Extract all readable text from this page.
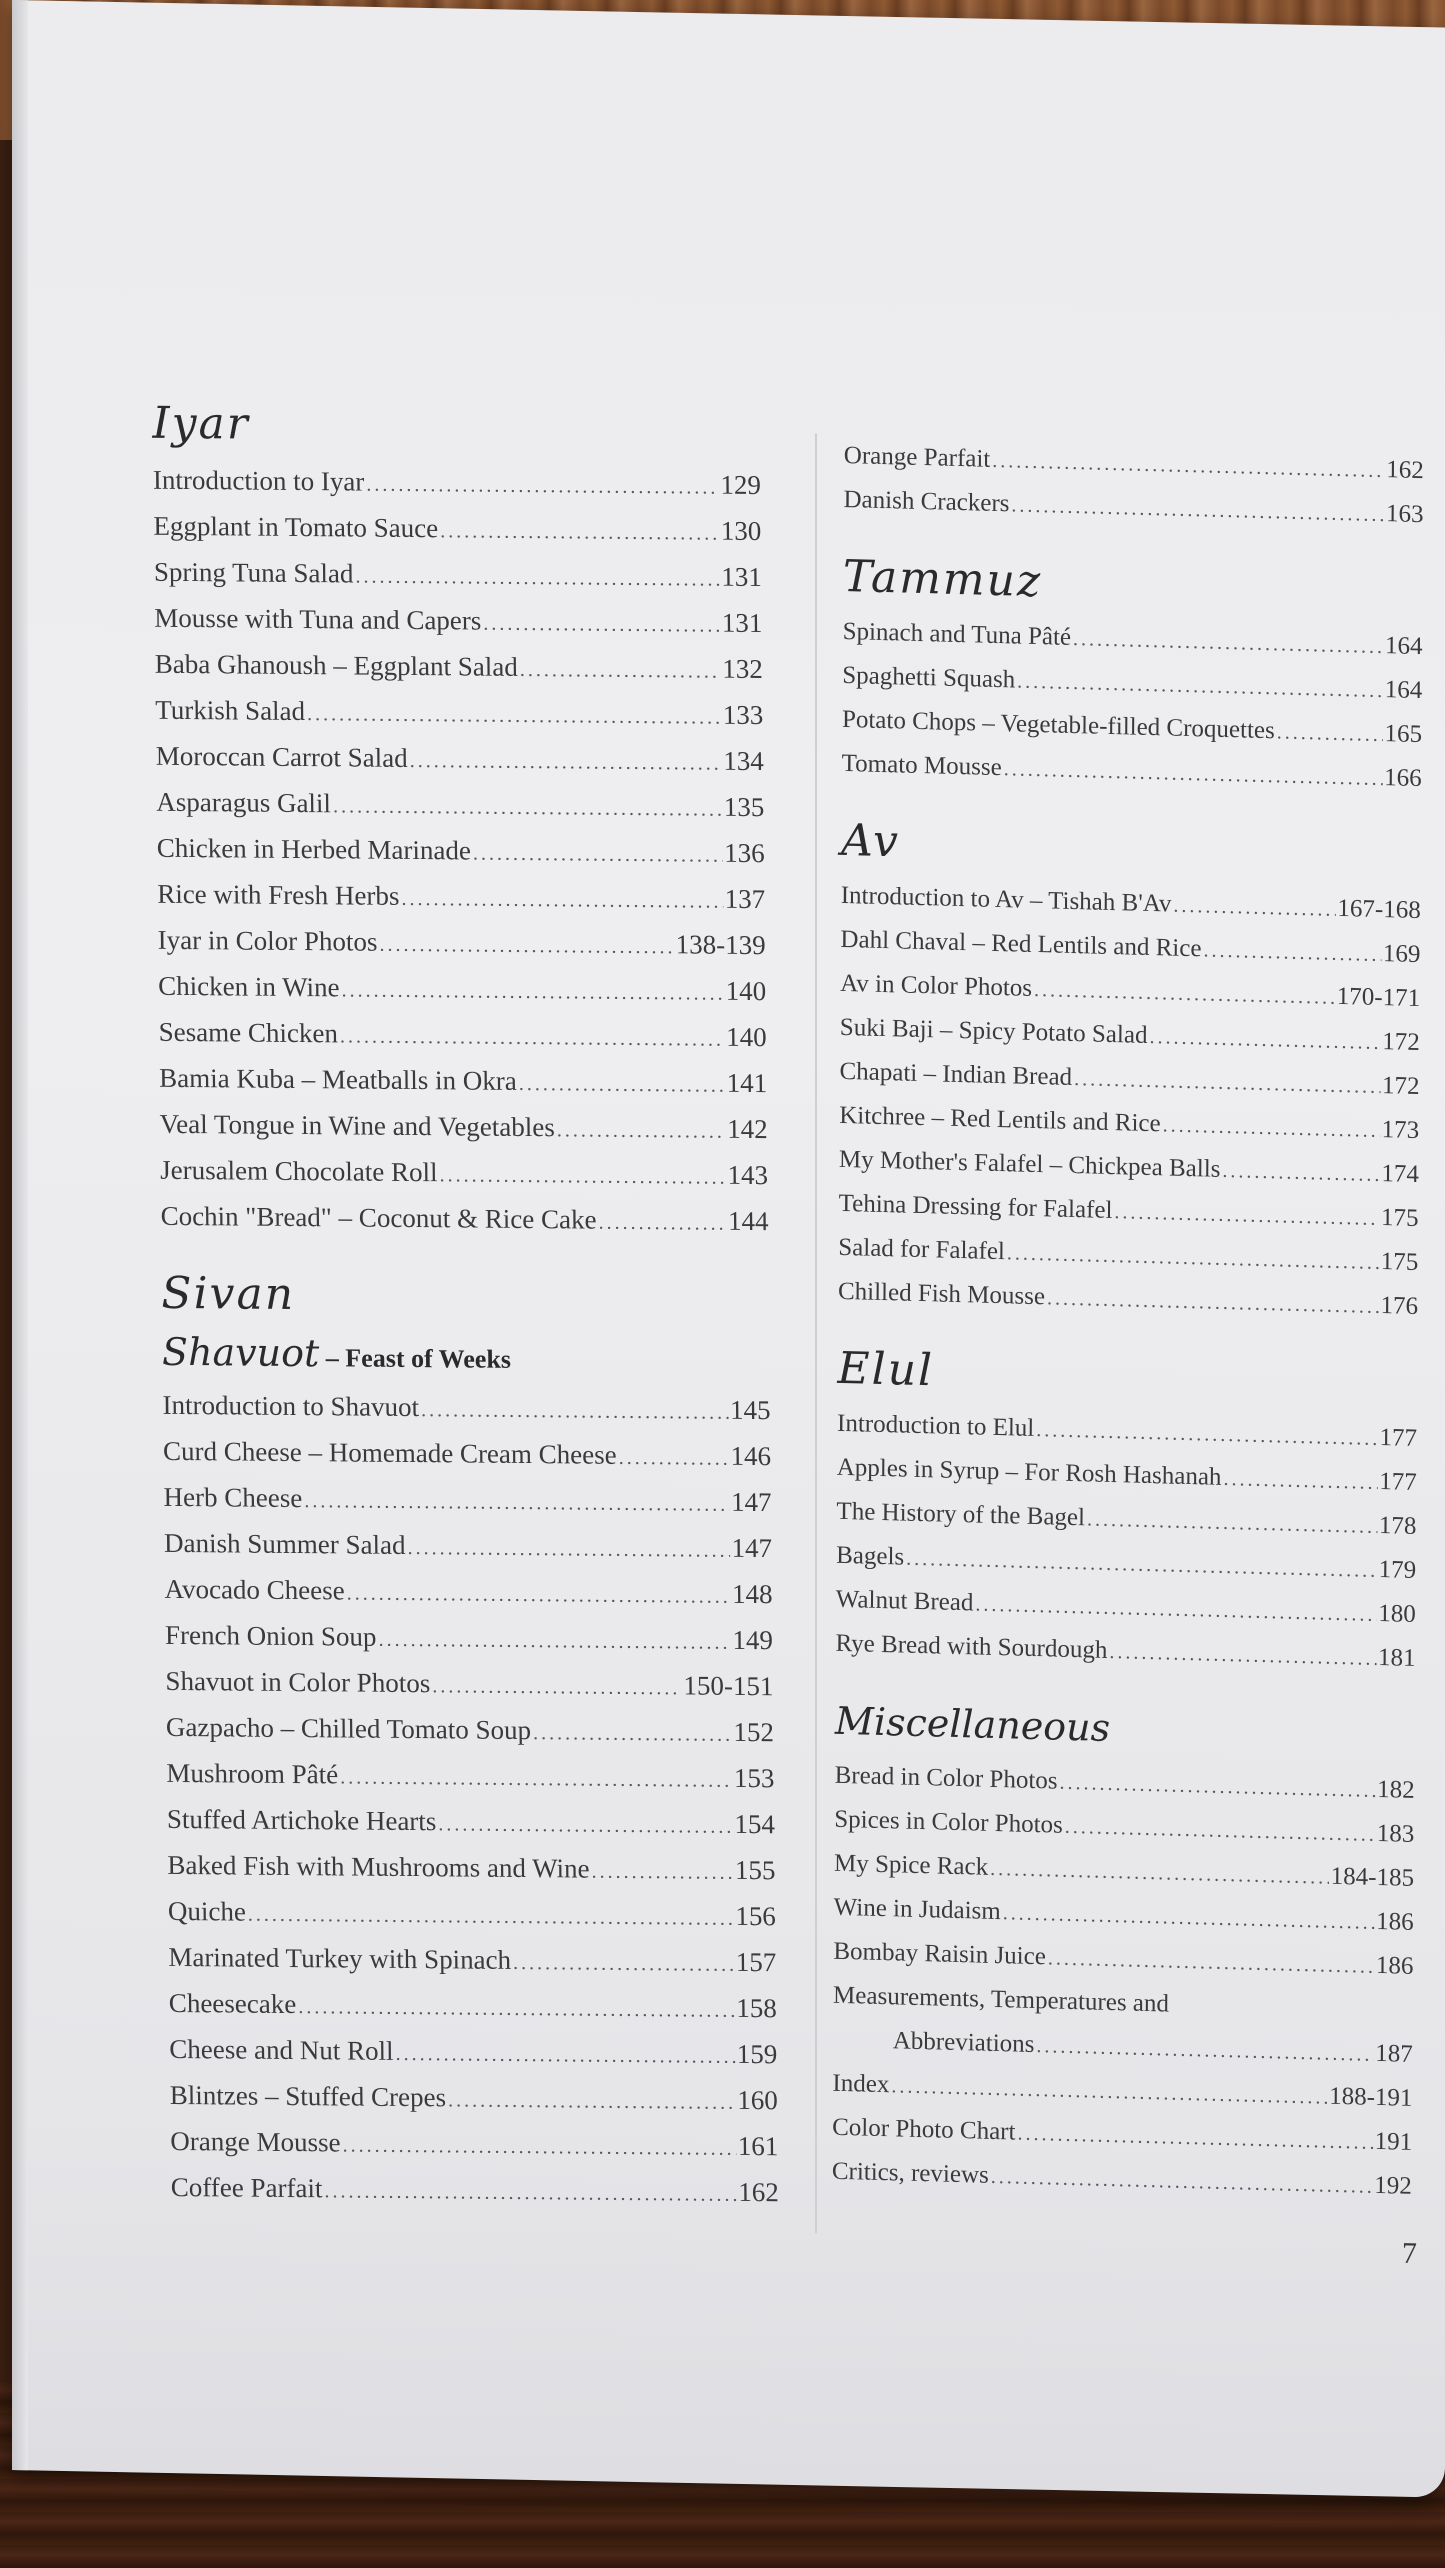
Iyar
Introduction to Iyar . . .	129
Eggplant in Tomato Sauce . . .	130
Spring Tuna Salad . . .	131
Mousse with Tuna and Capers . . .	131
Baba Ghanoush – Eggplant Salad . . .	132
Turkish Salad . . .	133
Moroccan Carrot Salad . . .	134
Asparagus Galil . . .	135
Chicken in Herbed Marinade . . .	136
Rice with Fresh Herbs . . .	137
Iyar in Color Photos . . .	138-139
Chicken in Wine . . .	140
Sesame Chicken . . .	140
Bamia Kuba – Meatballs in Okra . . .	141
Veal Tongue in Wine and Vegetables . . .	142
Jerusalem Chocolate Roll . . .	143
Cochin "Bread" – Coconut & Rice Cake . . .	144
Sivan
Shavuot – Feast of Weeks
Introduction to Shavuot . . .	145
Curd Cheese – Homemade Cream Cheese . . .	146
Herb Cheese . . .	147
Danish Summer Salad . . .	147
Avocado Cheese . . .	148
French Onion Soup . . .	149
Shavuot in Color Photos . . .	150-151
Gazpacho – Chilled Tomato Soup . . .	152
Mushroom Pâté . . .	153
Stuffed Artichoke Hearts . . .	154
Baked Fish with Mushrooms and Wine . . .	155
Quiche . . .	156
Marinated Turkey with Spinach . . .	157
Cheesecake . . .	158
Cheese and Nut Roll . . .	159
Blintzes – Stuffed Crepes . . .	160
Orange Mousse . . .	161
Coffee Parfait . . .	162
Orange Parfait . . .	162
Danish Crackers . . .	163
Tammuz
Spinach and Tuna Pâté . . .	164
Spaghetti Squash . . .	164
Potato Chops – Vegetable-filled Croquettes . . .	165
Tomato Mousse . . .	166
Av
Introduction to Av – Tishah B'Av . . .	167-168
Dahl Chaval – Red Lentils and Rice . . .	169
Av in Color Photos . . .	170-171
Suki Baji – Spicy Potato Salad . . .	172
Chapati – Indian Bread . . .	172
Kitchree – Red Lentils and Rice . . .	173
My Mother's Falafel – Chickpea Balls . . .	174
Tehina Dressing for Falafel . . .	175
Salad for Falafel . . .	175
Chilled Fish Mousse . . .	176
Elul
Introduction to Elul . . .	177
Apples in Syrup – For Rosh Hashanah . . .	177
The History of the Bagel . . .	178
Bagels . . .	179
Walnut Bread . . .	180
Rye Bread with Sourdough . . .	181
Miscellaneous
Bread in Color Photos . . .	182
Spices in Color Photos . . .	183
My Spice Rack . . .	184-185
Wine in Judaism . . .	186
Bombay Raisin Juice . . .	186
Measurements, Temperatures and
Abbreviations . . .	187
Index . . .	188-191
Color Photo Chart . . .	191
Critics, reviews . . .	192
7
